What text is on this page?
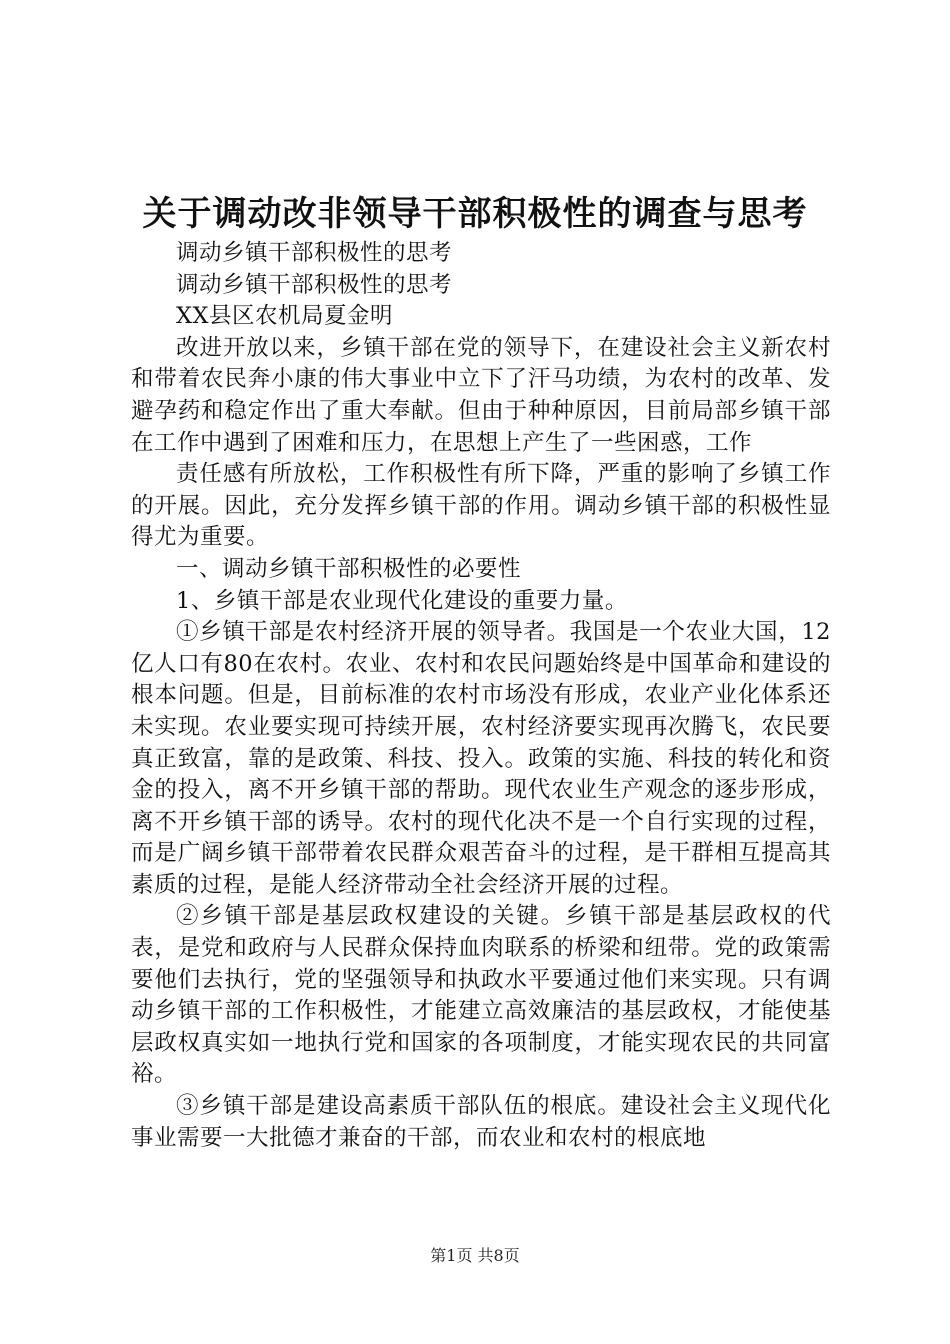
关于调动改非领导干部积极性的调查与思考

调动乡镇干部积极性的思考

调动乡镇干部积极性的思考

XX县区农机局夏金明

改进开放以来，乡镇干部在党的领导下，在建设社会主义新农村和带着农民奔小康的伟大事业中立下了汗马功绩，为农村的改革、发避孕药和稳定作出了重大奉献。但由于种种原因，目前局部乡镇干部在工作中遇到了困难和压力，在思想上产生了一些困惑，工作

责任感有所放松，工作积极性有所下降，严重的影响了乡镇工作的开展。因此，充分发挥乡镇干部的作用。调动乡镇干部的积极性显得尤为重要。

一、调动乡镇干部积极性的必要性

1、乡镇干部是农业现代化建设的重要力量。

①乡镇干部是农村经济开展的领导者。我国是一个农业大国，12亿人口有80在农村。农业、农村和农民问题始终是中国革命和建设的根本问题。但是，目前标准的农村市场没有形成，农业产业化体系还未实现。农业要实现可持续开展，农村经济要实现再次腾飞，农民要真正致富，靠的是政策、科技、投入。政策的实施、科技的转化和资金的投入，离不开乡镇干部的帮助。现代农业生产观念的逐步形成，离不开乡镇干部的诱导。农村的现代化决不是一个自行实现的过程，而是广阔乡镇干部带着农民群众艰苦奋斗的过程，是干群相互提高其素质的过程，是能人经济带动全社会经济开展的过程。

②乡镇干部是基层政权建设的关键。乡镇干部是基层政权的代表，是党和政府与人民群众保持血肉联系的桥梁和纽带。党的政策需要他们去执行，党的坚强领导和执政水平要通过他们来实现。只有调动乡镇干部的工作积极性，才能建立高效廉洁的基层政权，才能使基层政权真实如一地执行党和国家的各项制度，才能实现农民的共同富裕。

③乡镇干部是建设高素质干部队伍的根底。建设社会主义现代化事业需要一大批德才兼奋的干部，而农业和农村的根底地

第1页 共8页
